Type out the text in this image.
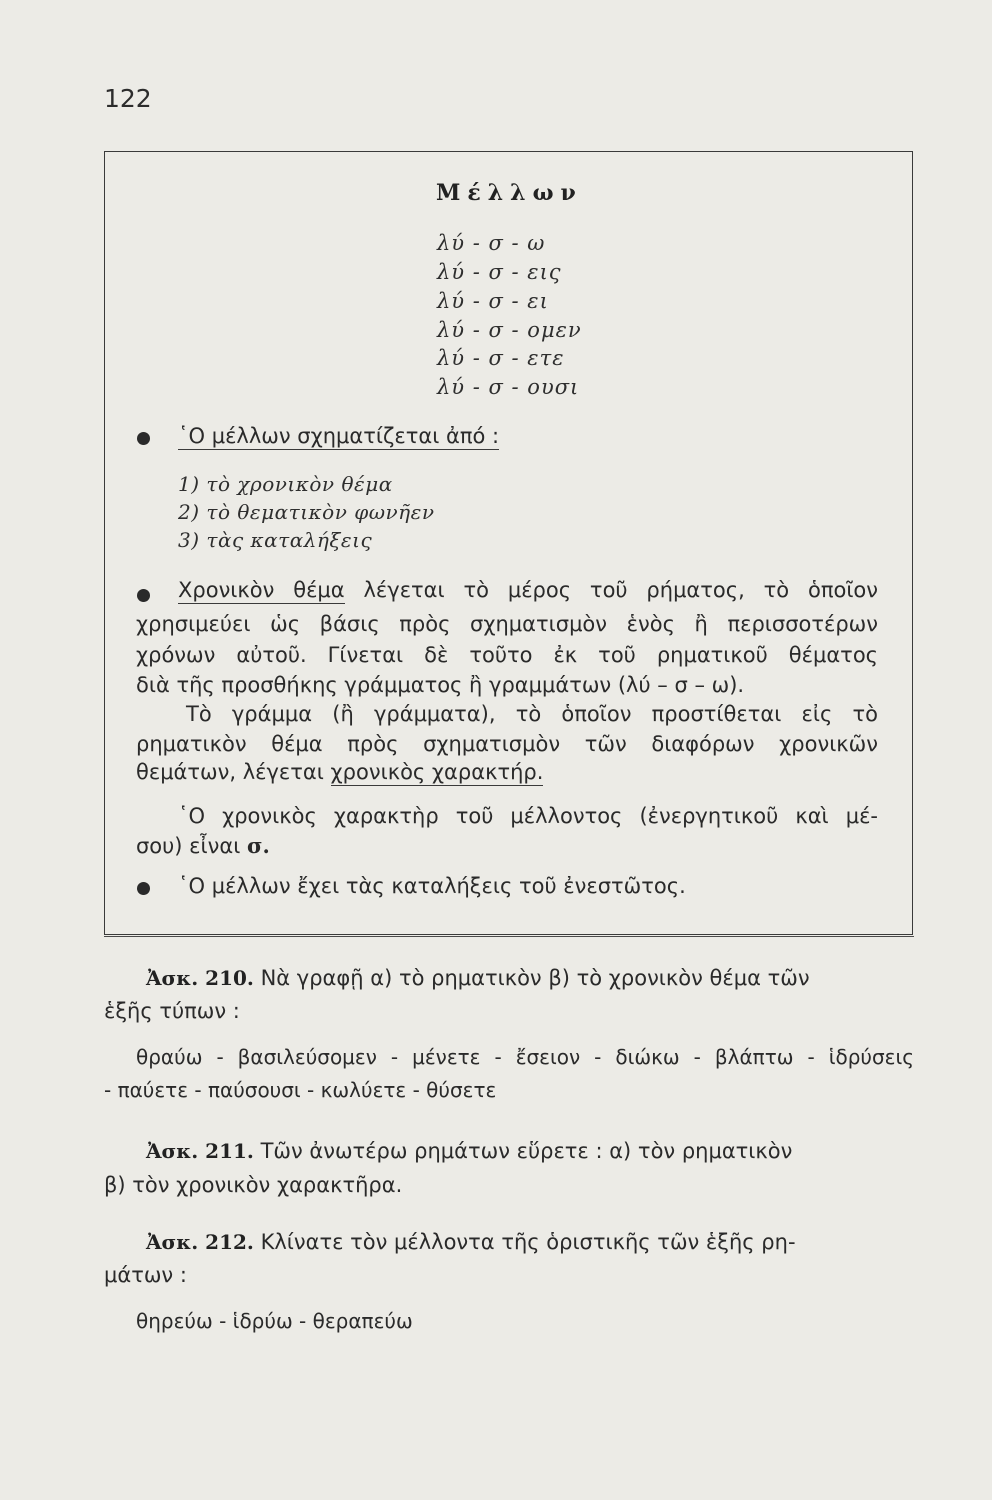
122
Μέλλων
λύ - σ - ω
λύ - σ - εις
λύ - σ - ει
λύ - σ - ομεν
λύ - σ - ετε
λύ - σ - ουσι
῾Ο μέλλων σχηματίζεται ἀπό :
1) τὸ χρονικὸν θέμα
2) τὸ θεματικὸν φωνῆεν
3) τὰς καταλήξεις
Χρονικὸν θέμα λέγεται τὸ μέρος τοῦ ρήματος, τὸ ὁποῖον
χρησιμεύει ὡς βάσις πρὸς σχηματισμὸν ἑνὸς ἢ περισσοτέρων
χρόνων αὐτοῦ. Γίνεται δὲ τοῦτο ἐκ τοῦ ρηματικοῦ θέματος
διὰ τῆς προσθήκης γράμματος ἢ γραμμάτων (λύ – σ – ω).
Τὸ γράμμα (ἢ γράμματα), τὸ ὁποῖον προστίθεται εἰς τὸ
ρηματικὸν θέμα πρὸς σχηματισμὸν τῶν διαφόρων χρονικῶν
θεμάτων, λέγεται χρονικὸς χαρακτήρ.
῾Ο χρονικὸς χαρακτὴρ τοῦ μέλλοντος (ἐνεργητικοῦ καὶ μέ-
σου) εἶναι σ.
῾Ο μέλλων ἔχει τὰς καταλήξεις τοῦ ἐνεστῶτος.
Ἀσκ. 210. Νὰ γραφῇ α) τὸ ρηματικὸν β) τὸ χρονικὸν θέμα τῶν
ἑξῆς τύπων :
θραύω - βασιλεύσομεν - μένετε - ἔσειον - διώκω - βλάπτω - ἱδρύσεις
- παύετε - παύσουσι - κωλύετε - θύσετε
Ἀσκ. 211. Τῶν ἀνωτέρω ρημάτων εὕρετε : α) τὸν ρηματικὸν
β) τὸν χρονικὸν χαρακτῆρα.
Ἀσκ. 212. Κλίνατε τὸν μέλλοντα τῆς ὁριστικῆς τῶν ἑξῆς ρη-
μάτων :
θηρεύω - ἱδρύω - θεραπεύω
